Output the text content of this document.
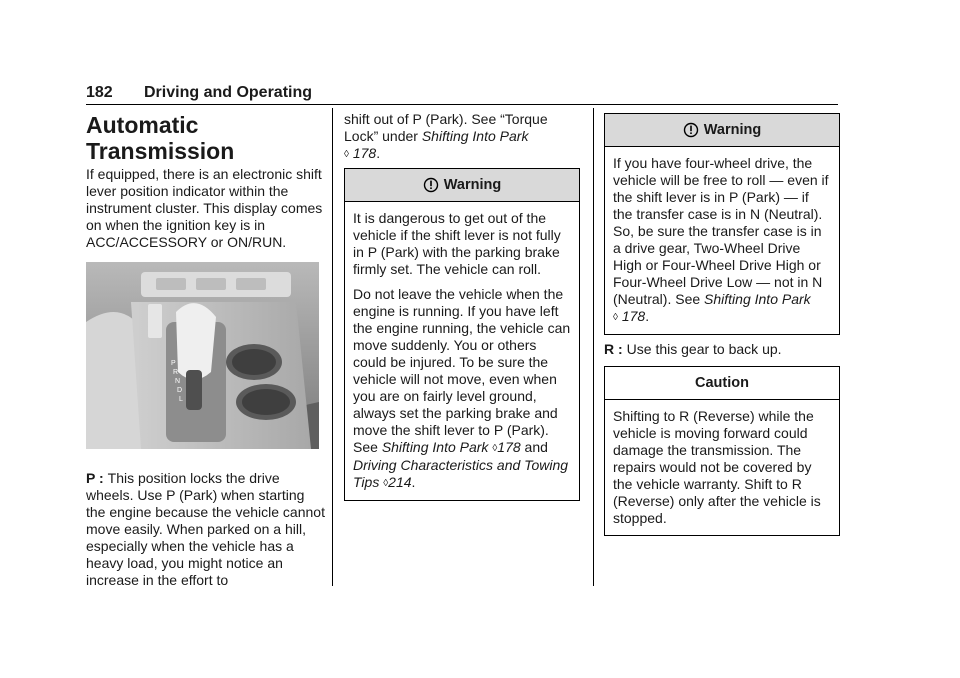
182 Driving and Operating
Automatic
Transmission
If equipped, there is an electronic shift lever position indicator within the instrument cluster. This display comes on when the ignition key is in ACC/ACCESSORY or ON/RUN.
P
R
N
D
L
P : This position locks the drive wheels. Use P (Park) when starting the engine because the vehicle cannot move easily. When parked on a hill, especially when the vehicle has a heavy load, you might notice an increase in the effort to
shift out of P (Park). See “Torque Lock” under Shifting Into Park
◊ 178.
Warning

It is dangerous to get out of the vehicle if the shift lever is not fully in P (Park) with the parking brake firmly set. The vehicle can roll.

Do not leave the vehicle when the engine is running. If you have left the engine running, the vehicle can move suddenly. You or others could be injured. To be sure the vehicle will not move, even when you are on fairly level ground, always set the parking brake and move the shift lever to P (Park). See Shifting Into Park ◊178 and Driving Characteristics and Towing Tips ◊214.

Warning

If you have four-wheel drive, the vehicle will be free to roll — even if the shift lever is in P (Park) — if the transfer case is in N (Neutral). So, be sure the transfer case is in a drive gear, Two-Wheel Drive High or Four-Wheel Drive High or Four-Wheel Drive Low — not in N (Neutral). See Shifting Into Park
◊ 178.

R : Use this gear to back up.
Caution

Shifting to R (Reverse) while the vehicle is moving forward could damage the transmission. The repairs would not be covered by the vehicle warranty. Shift to R (Reverse) only after the vehicle is stopped.
